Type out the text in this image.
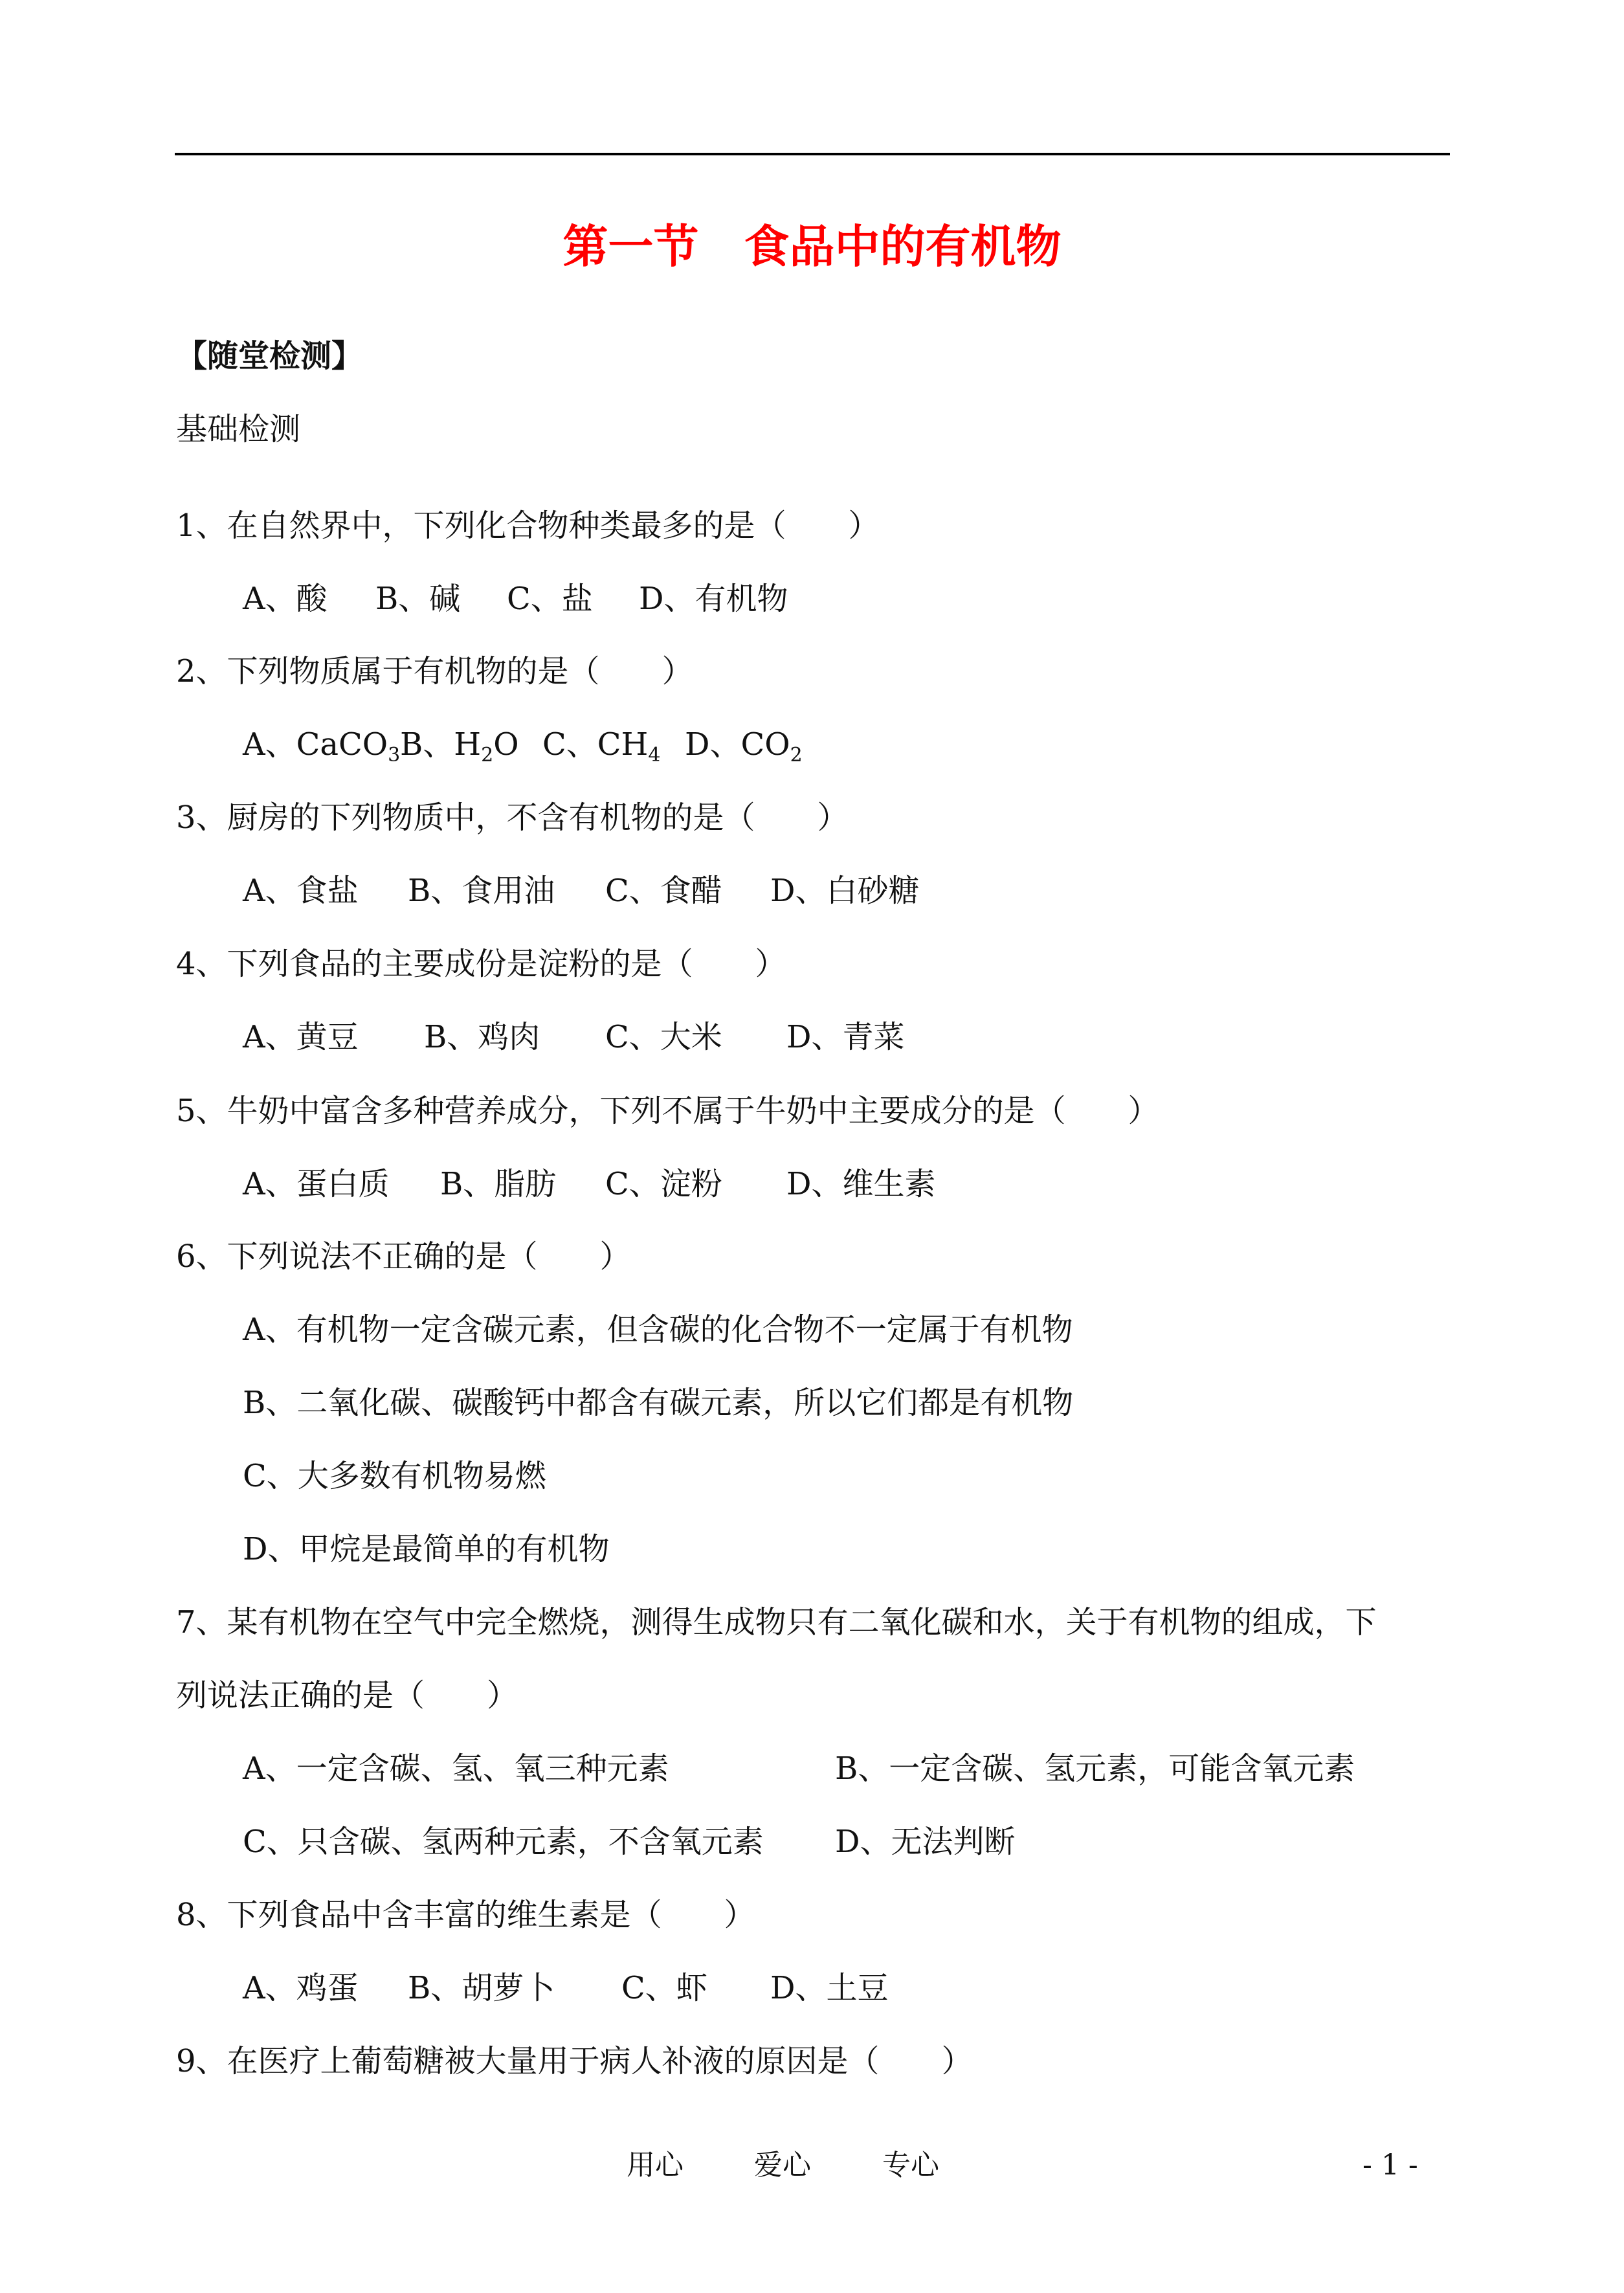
第一节　食品中的有机物
【随堂检测】
基础检测
1、在自然界中，下列化合物种类最多的是（　　）
A、酸 B、碱 C、盐 D、有机物
2、下列物质属于有机物的是（　　）
A、CaCO$_3$ B、$H_2O$ C、$CH_4$ D、$CO_2$
3、厨房的下列物质中，不含有机物的是（　　）
A、食盐 B、食用油 C、食醋 D、白砂糖
4、下列食品的主要成份是淀粉的是（　　）
A、黄豆 B、鸡肉 C、大米 D、青菜
5、牛奶中富含多种营养成分，下列不属于牛奶中主要成分的是（　　）
A、蛋白质 B、脂肪 C、淀粉 D、维生素
6、下列说法不正确的是（　　）
A、有机物一定含碳元素，但含碳的化合物不一定属于有机物
B、二氧化碳、碳酸钙中都含有碳元素，所以它们都是有机物
C、大多数有机物易燃
D、甲烷是最简单的有机物
7、某有机物在空气中完全燃烧，测得生成物只有二氧化碳和水，关于有机物的组成，下
列说法正确的是（　　）
A、一定含碳、氢、氧三种元素	B、一定含碳、氢元素，可能含氧元素
C、只含碳、氢两种元素，不含氧元素 D、无法判断
8、下列食品中含丰富的维生素是（　　）
A、鸡蛋 B、胡萝卜 C、虾 D、土豆
9、在医疗上葡萄糖被大量用于病人补液的原因是（　　）
用心 爱心	专心	- 1 -
